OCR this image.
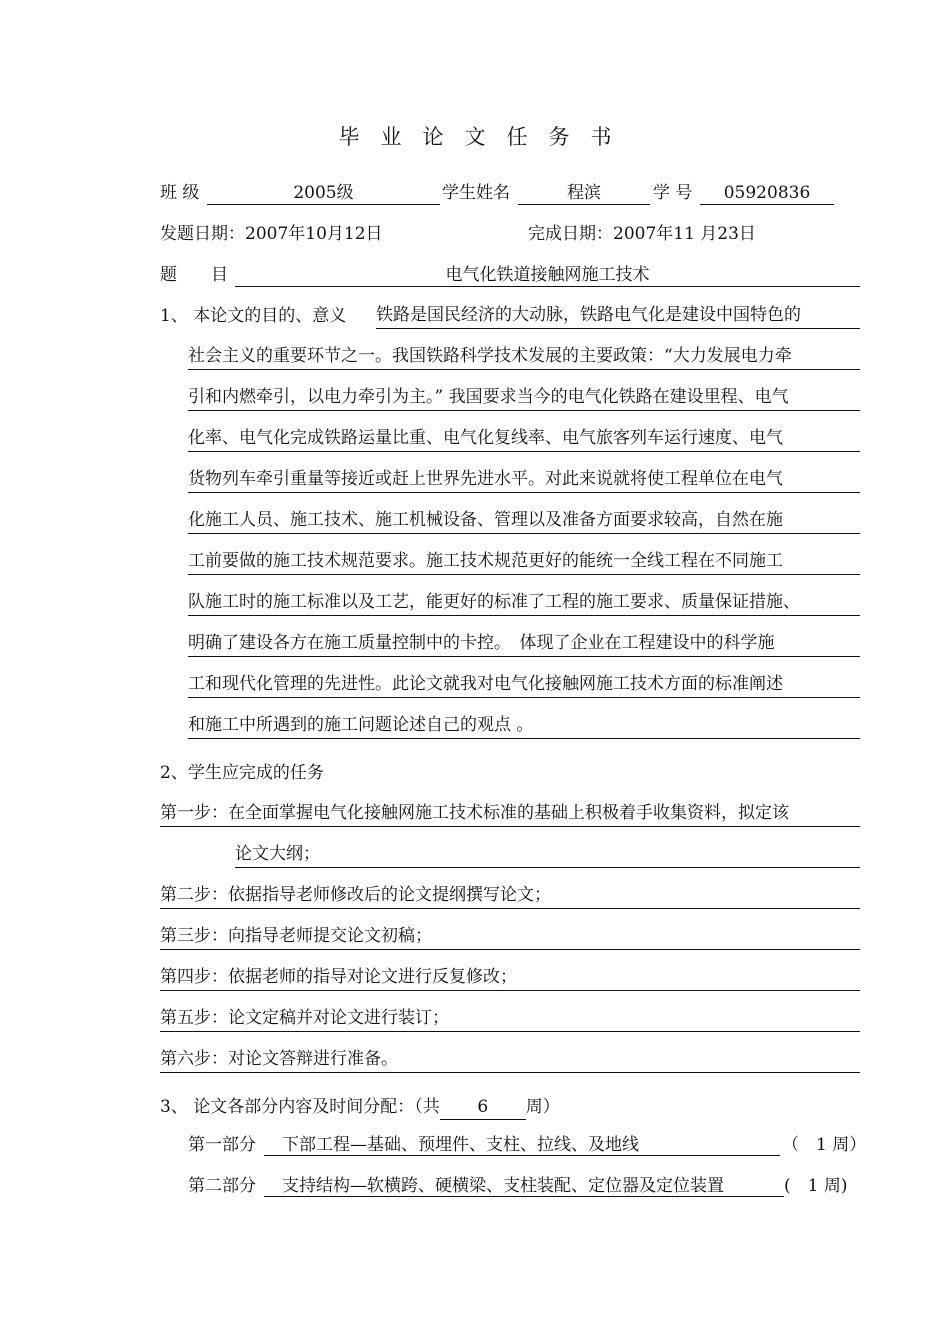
毕业论文任务书
班 级	2005级	学生姓名	程滨	学 号	05920836
发题日期：2007年10月12日	完成日期：2007年11 月23日
题　　目	电气化铁道接触网施工技术
1、 本论文的目的、意义 铁路是国民经济的大动脉，铁路电气化是建设中国特色的
社会主义的重要环节之一。我国铁路科学技术发展的主要政策：“大力发展电力牵
引和内燃牵引，以电力牵引为主。” 我国要求当今的电气化铁路在建设里程、电气
化率、电气化完成铁路运量比重、电气化复线率、电气旅客列车运行速度、电气
货物列车牵引重量等接近或赶上世界先进水平。对此来说就将使工程单位在电气
化施工人员、施工技术、施工机械设备、管理以及准备方面要求较高，自然在施
工前要做的施工技术规范要求。施工技术规范更好的能统一全线工程在不同施工
队施工时的施工标准以及工艺，能更好的标准了工程的施工要求、质量保证措施、
明确了建设各方在施工质量控制中的卡控。　体现了企业在工程建设中的科学施
工和现代化管理的先进性。此论文就我对电气化接触网施工技术方面的标准阐述
和施工中所遇到的施工问题论述自己的观点 。
2、学生应完成的任务
第一步：在全面掌握电气化接触网施工技术标准的基础上积极着手收集资料，拟定该
论文大纲；
第二步：依据指导老师修改后的论文提纲撰写论文；
第三步：向指导老师提交论文初稿；
第四步：依据老师的指导对论文进行反复修改；
第五步：论文定稿并对论文进行装订；
第六步：对论文答辩进行准备。
3、 论文各部分内容及时间分配：（共 6 周）
第一部分	下部工程—基础、预埋件、支柱、拉线、及地线	（　1 周）
第二部分	支持结构—软横跨、硬横梁、支柱装配、定位器及定位装置	(　1 周)
